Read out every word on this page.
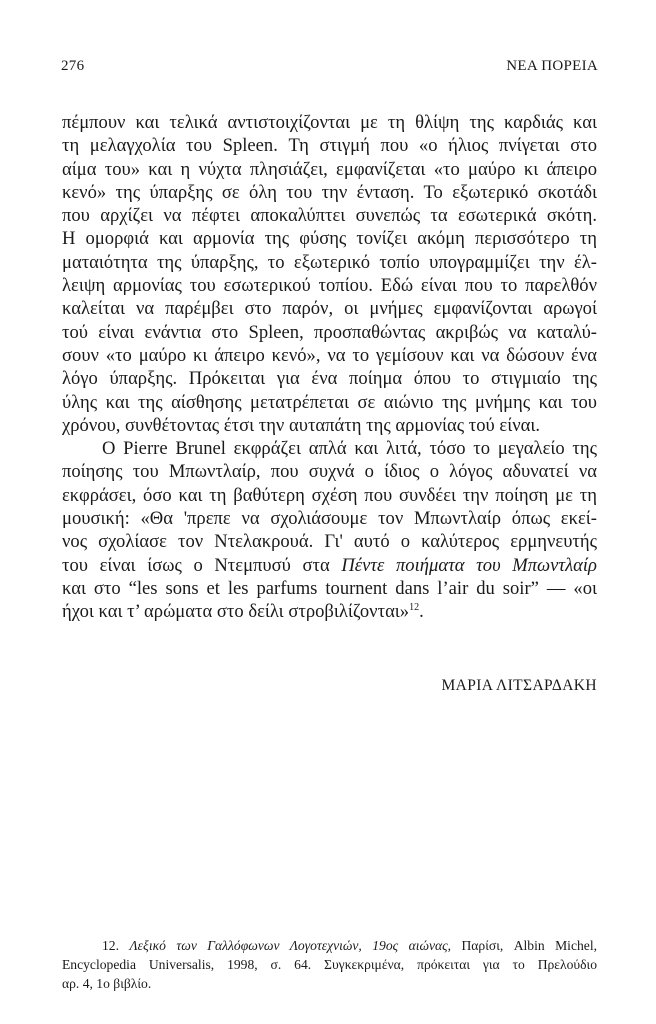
276	ΝΕΑ ΠΟΡΕΙΑ
πέμπουν και τελικά αντιστοιχίζονται με τη θλίψη της καρδιάς και
τη μελαγχολία του Spleen. Τη στιγμή που «ο ήλιος πνίγεται στο
αίμα του» και η νύχτα πλησιάζει, εμφανίζεται «το μαύρο κι άπειρο
κενό» της ύπαρξης σε όλη του την ένταση. Το εξωτερικό σκοτάδι
που αρχίζει να πέφτει αποκαλύπτει συνεπώς τα εσωτερικά σκότη.
Η ομορφιά και αρμονία της φύσης τονίζει ακόμη περισσότερο τη
ματαιότητα της ύπαρξης, το εξωτερικό τοπίο υπογραμμίζει την έλ-
λειψη αρμονίας του εσωτερικού τοπίου. Εδώ είναι που το παρελθόν
καλείται να παρέμβει στο παρόν, οι μνήμες εμφανίζονται αρωγοί
τού είναι ενάντια στο Spleen, προσπαθώντας ακριβώς να καταλύ-
σουν «το μαύρο κι άπειρο κενό», να το γεμίσουν και να δώσουν ένα
λόγο ύπαρξης. Πρόκειται για ένα ποίημα όπου το στιγμιαίο της
ύλης και της αίσθησης μετατρέπεται σε αιώνιο της μνήμης και του
χρόνου, συνθέτοντας έτσι την αυταπάτη της αρμονίας τού είναι.
Ο Pierre Brunel εκφράζει απλά και λιτά, τόσο το μεγαλείο της
ποίησης του Μπωντλαίρ, που συχνά ο ίδιος ο λόγος αδυνατεί να
εκφράσει, όσο και τη βαθύτερη σχέση που συνδέει την ποίηση με τη
μουσική: «Θα 'πρεπε να σχολιάσουμε τον Μπωντλαίρ όπως εκεί-
νος σχολίασε τον Ντελακρουά. Γι' αυτό ο καλύτερος ερμηνευτής
του είναι ίσως ο Ντεμπυσύ στα Πέντε ποιήματα του Μπωντλαίρ
και στο “les sons et les parfums tournent dans l’air du soir” — «οι
ήχοι και τ’ αρώματα στο δείλι στροβιλίζονται»$^{12}$.
ΜΑΡΙΑ ΛΙΤΣΑΡΔΑΚΗ
12. Λεξικό των Γαλλόφωνων Λογοτεχνιών, 19ος αιώνας, Παρίσι, Albin Michel,
Encyclopedia Universalis, 1998, σ. 64. Συγκεκριμένα, πρόκειται για το Πρελούδιο
αρ. 4, 1ο βιβλίο.
